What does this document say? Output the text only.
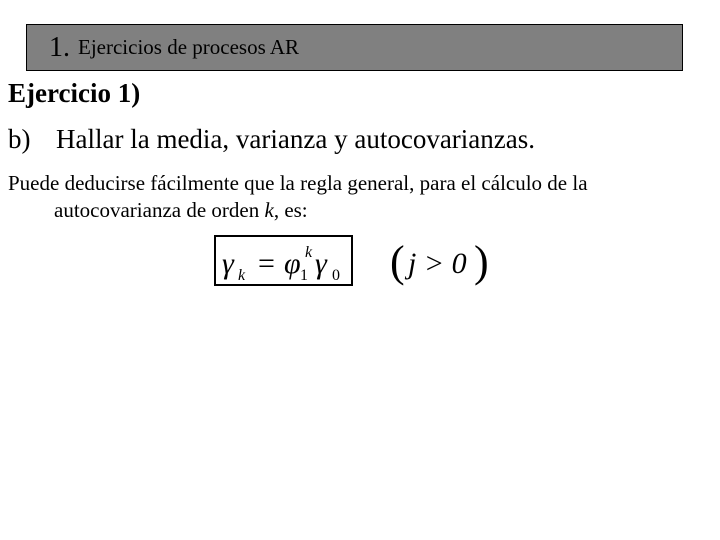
1. Ejercicios de procesos AR
Ejercicio 1)
b) Hallar la media, varianza y autocovarianzas.
Puede deducirse fácilmente que la regla general, para el cálculo de la
autocovarianza de orden k, es:
γ k = φ k
1 γ 0 ( j > 0 )
